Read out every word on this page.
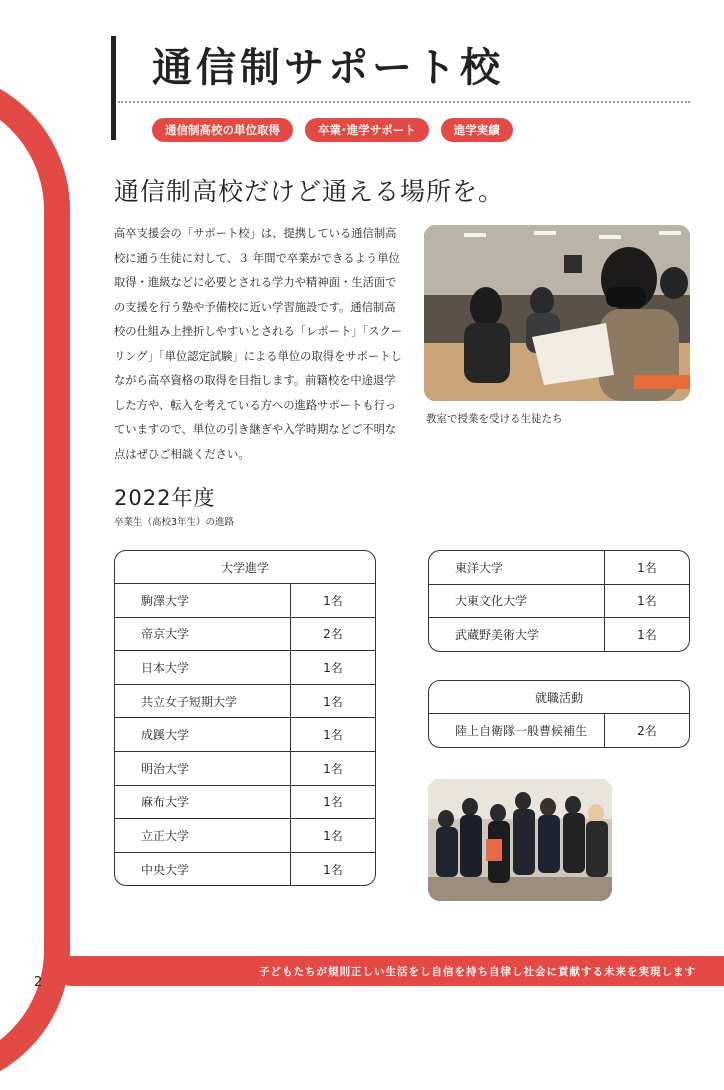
通信制サポート校
通信制高校の単位取得	卒業･進学サポート	進学実績
通信制高校だけど通える場所を。

高卒支援会の「サポート校」は、提携している通信制高校に通う生徒に対して、３ 年間で卒業ができるよう単位取得・進級などに必要とされる学力や精神面・生活面での支援を行う塾や予備校に近い学習施設です。通信制高校の仕組み上挫折しやすいとされる「レポート」「スクーリング」「単位認定試験」による単位の取得をサポートしながら高卒資格の取得を目指します。前籍校を中途退学した方や、転入を考えている方への進路サポートも行っていますので、単位の引き継ぎや入学時期などご不明な点はぜひご相談ください。

教室で授業を受ける生徒たち
2022年度
卒業生（高校3年生）の進路
大学進学
駒澤大学	1名
帝京大学	2名
日本大学	1名
共立女子短期大学	1名
成蹊大学	1名
明治大学	1名
麻布大学	1名
立正大学	1名
中央大学	1名
東洋大学	1名
大東文化大学	1名
武蔵野美術大学	1名
就職活動
陸上自衛隊一般曹候補生	2名
子どもたちが規則正しい生活をし自信を持ち自律し社会に貢献する未来を実現します
2
